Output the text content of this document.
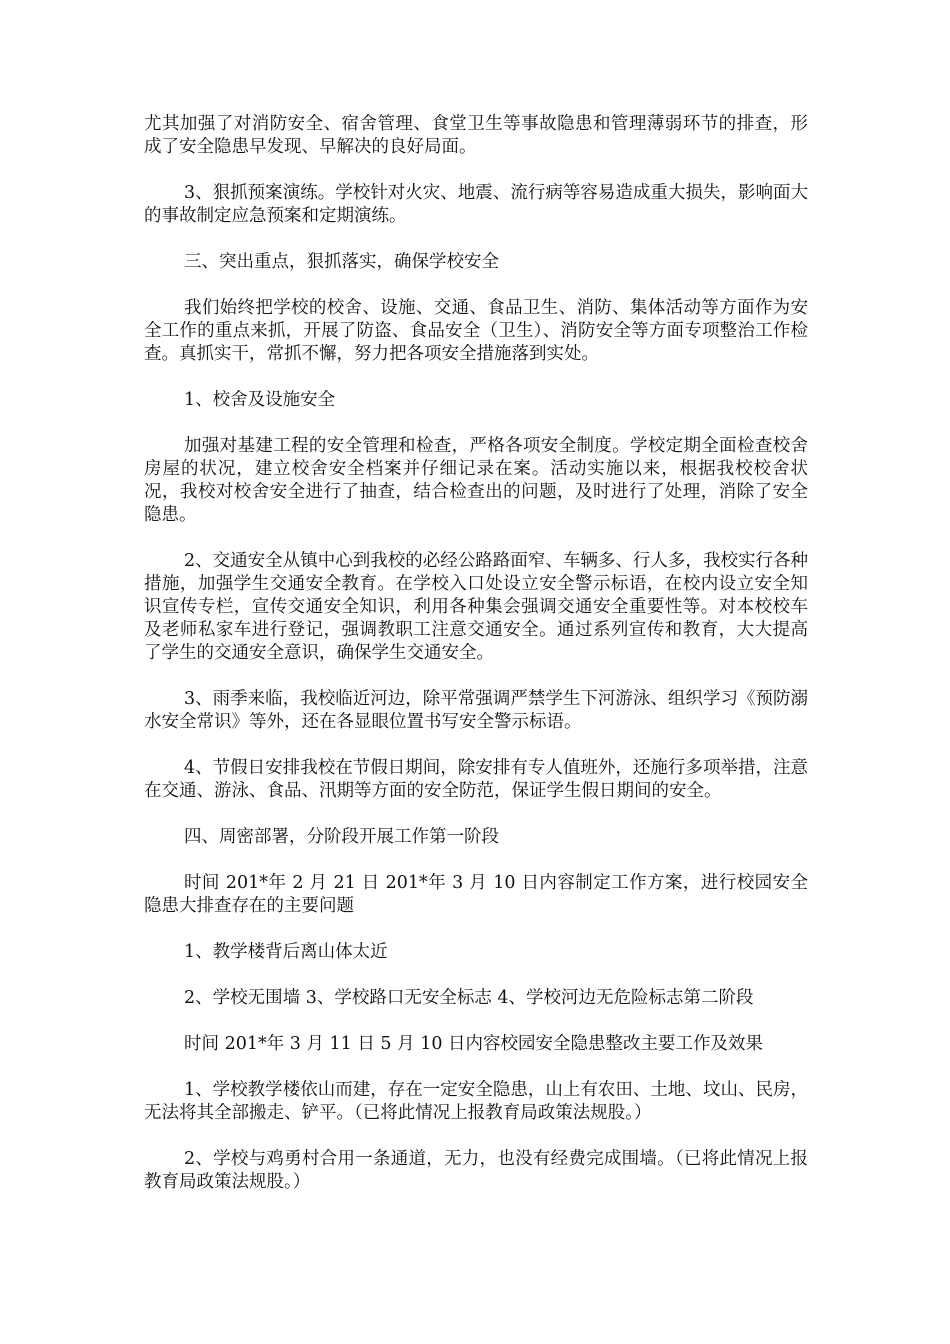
尤其加强了对消防安全、宿舍管理、食堂卫生等事故隐患和管理薄弱环节的排查，形成了安全隐患早发现、早解决的良好局面。

3、狠抓预案演练。学校针对火灾、地震、流行病等容易造成重大损失，影响面大的事故制定应急预案和定期演练。

三、突出重点，狠抓落实，确保学校安全

我们始终把学校的校舍、设施、交通、食品卫生、消防、集体活动等方面作为安全工作的重点来抓，开展了防盗、食品安全（卫生）、消防安全等方面专项整治工作检查。真抓实干，常抓不懈，努力把各项安全措施落到实处。

1、校舍及设施安全

加强对基建工程的安全管理和检查，严格各项安全制度。学校定期全面检查校舍房屋的状况，建立校舍安全档案并仔细记录在案。活动实施以来，根据我校校舍状况，我校对校舍安全进行了抽查，结合检查出的问题，及时进行了处理，消除了安全隐患。

2、交通安全从镇中心到我校的必经公路路面窄、车辆多、行人多，我校实行各种措施，加强学生交通安全教育。在学校入口处设立安全警示标语，在校内设立安全知识宣传专栏，宣传交通安全知识，利用各种集会强调交通安全重要性等。对本校校车及老师私家车进行登记，强调教职工注意交通安全。通过系列宣传和教育，大大提高了学生的交通安全意识，确保学生交通安全。

3、雨季来临，我校临近河边，除平常强调严禁学生下河游泳、组织学习《预防溺水安全常识》等外，还在各显眼位置书写安全警示标语。

4、节假日安排我校在节假日期间，除安排有专人值班外，还施行多项举措，注意在交通、游泳、食品、汛期等方面的安全防范，保证学生假日期间的安全。

四、周密部署，分阶段开展工作第一阶段

时间 201*年 2 月 21 日 201*年 3 月 10 日内容制定工作方案，进行校园安全隐患大排查存在的主要问题

1、教学楼背后离山体太近

2、学校无围墙 3、学校路口无安全标志 4、学校河边无危险标志第二阶段

时间 201*年 3 月 11 日 5 月 10 日内容校园安全隐患整改主要工作及效果

1、学校教学楼依山而建，存在一定安全隐患，山上有农田、土地、坟山、民房，无法将其全部搬走、铲平。（已将此情况上报教育局政策法规股。）

2、学校与鸡勇村合用一条通道，无力，也没有经费完成围墙。（已将此情况上报教育局政策法规股。）
